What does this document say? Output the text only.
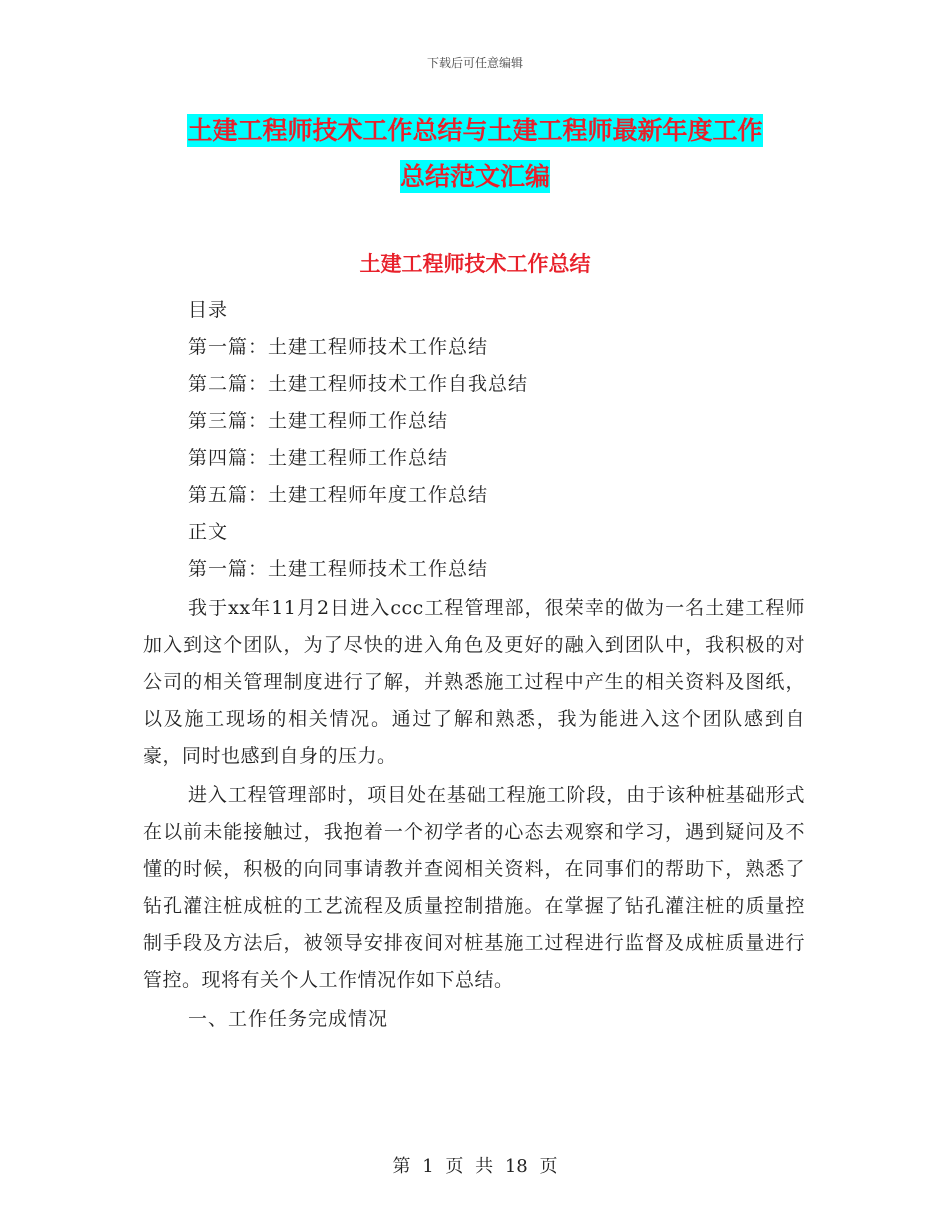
下载后可任意编辑
土建工程师技术工作总结与土建工程师最新年度工作
总结范文汇编
土建工程师技术工作总结
目录
第一篇：土建工程师技术工作总结
第二篇：土建工程师技术工作自我总结
第三篇：土建工程师工作总结
第四篇：土建工程师工作总结
第五篇：土建工程师年度工作总结
正文
第一篇：土建工程师技术工作总结

我于xx年11月2日进入ccc工程管理部，很荣幸的做为一名土建工程师加入到这个团队，为了尽快的进入角色及更好的融入到团队中，我积极的对公司的相关管理制度进行了解，并熟悉施工过程中产生的相关资料及图纸，以及施工现场的相关情况。通过了解和熟悉，我为能进入这个团队感到自豪，同时也感到自身的压力。

进入工程管理部时，项目处在基础工程施工阶段，由于该种桩基础形式在以前未能接触过，我抱着一个初学者的心态去观察和学习，遇到疑问及不懂的时候，积极的向同事请教并查阅相关资料，在同事们的帮助下，熟悉了钻孔灌注桩成桩的工艺流程及质量控制措施。在掌握了钻孔灌注桩的质量控制手段及方法后，被领导安排夜间对桩基施工过程进行监督及成桩质量进行管控。现将有关个人工作情况作如下总结。

一、工作任务完成情况

第 1 页 共 18 页
